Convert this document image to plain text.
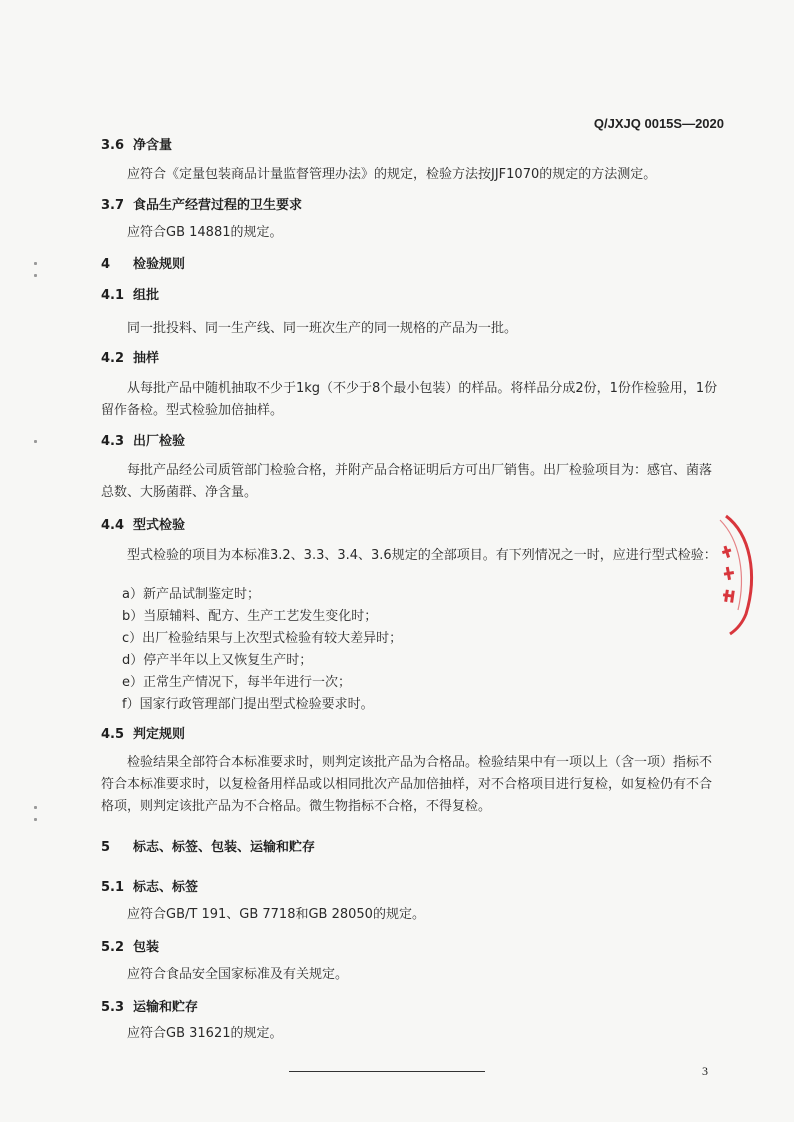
Q/JXJQ 0015S—2020
3.6 净含量
应符合《定量包装商品计量监督管理办法》的规定，检验方法按JJF1070的规定的方法测定。
3.7 食品生产经营过程的卫生要求
应符合GB 14881的规定。
4 检验规则
4.1 组批
同一批投料、同一生产线、同一班次生产的同一规格的产品为一批。
4.2 抽样
从每批产品中随机抽取不少于1kg（不少于8个最小包装）的样品。将样品分成2份，1份作检验用，1份留作备检。型式检验加倍抽样。
4.3 出厂检验
每批产品经公司质管部门检验合格，并附产品合格证明后方可出厂销售。出厂检验项目为：感官、菌落总数、大肠菌群、净含量。
4.4 型式检验
型式检验的项目为本标准3.2、3.3、3.4、3.6规定的全部项目。有下列情况之一时，应进行型式检验：
a）新产品试制鉴定时；
b）当原辅料、配方、生产工艺发生变化时；
c）出厂检验结果与上次型式检验有较大差异时；
d）停产半年以上又恢复生产时；
e）正常生产情况下，每半年进行一次；
f）国家行政管理部门提出型式检验要求时。
4.5 判定规则
检验结果全部符合本标准要求时，则判定该批产品为合格品。检验结果中有一项以上（含一项）指标不符合本标准要求时，以复检备用样品或以相同批次产品加倍抽样，对不合格项目进行复检，如复检仍有不合格项，则判定该批产品为不合格品。微生物指标不合格，不得复检。
5 标志、标签、包装、运输和贮存
5.1 标志、标签
应符合GB/T 191、GB 7718和GB 28050的规定。
5.2 包装
应符合食品安全国家标准及有关规定。
5.3 运输和贮存
应符合GB 31621的规定。
3
